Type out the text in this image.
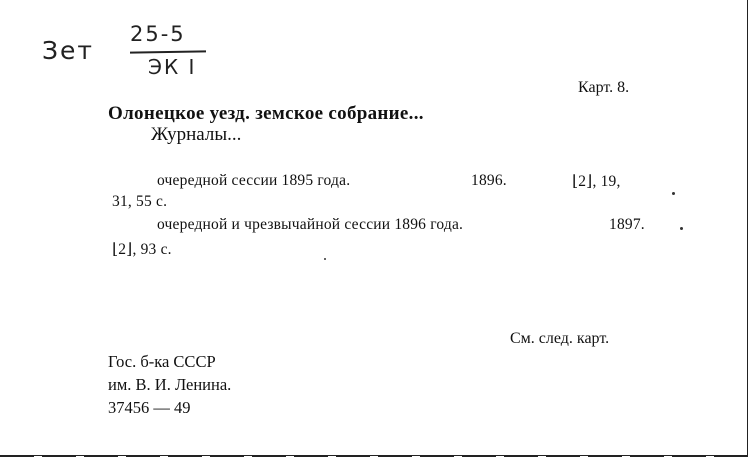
Зет
25-5
ЭК I
Карт. 8.
Олонецкое уезд. земское собрание...
Журналы...
очередной сессии 1895 года.	1896.	⌊2⌋, 19,
31, 55 с.
очередной и чрезвычайной сессии 1896 года.	1897.
⌊2⌋, 93 с.
См. след. карт.
Гос. б-ка СССР
им. В. И. Ленина.
37456 — 49
